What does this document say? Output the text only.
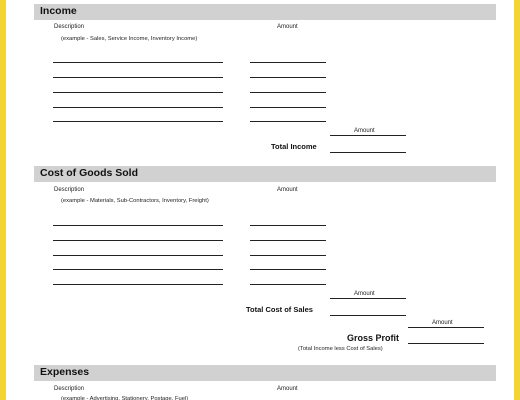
Income
Description	Amount
(example - Sales, Service Income, Inventory Income)
Amount
Total Income
Cost of Goods Sold
Description	Amount
(example - Materials, Sub-Contractors, Inventory, Freight)
Amount
Total Cost of Sales
Amount
Gross Profit
(Total Income less Cost of Sales)
Expenses
Description	Amount
(example - Advertising, Stationery, Postage, Fuel)
